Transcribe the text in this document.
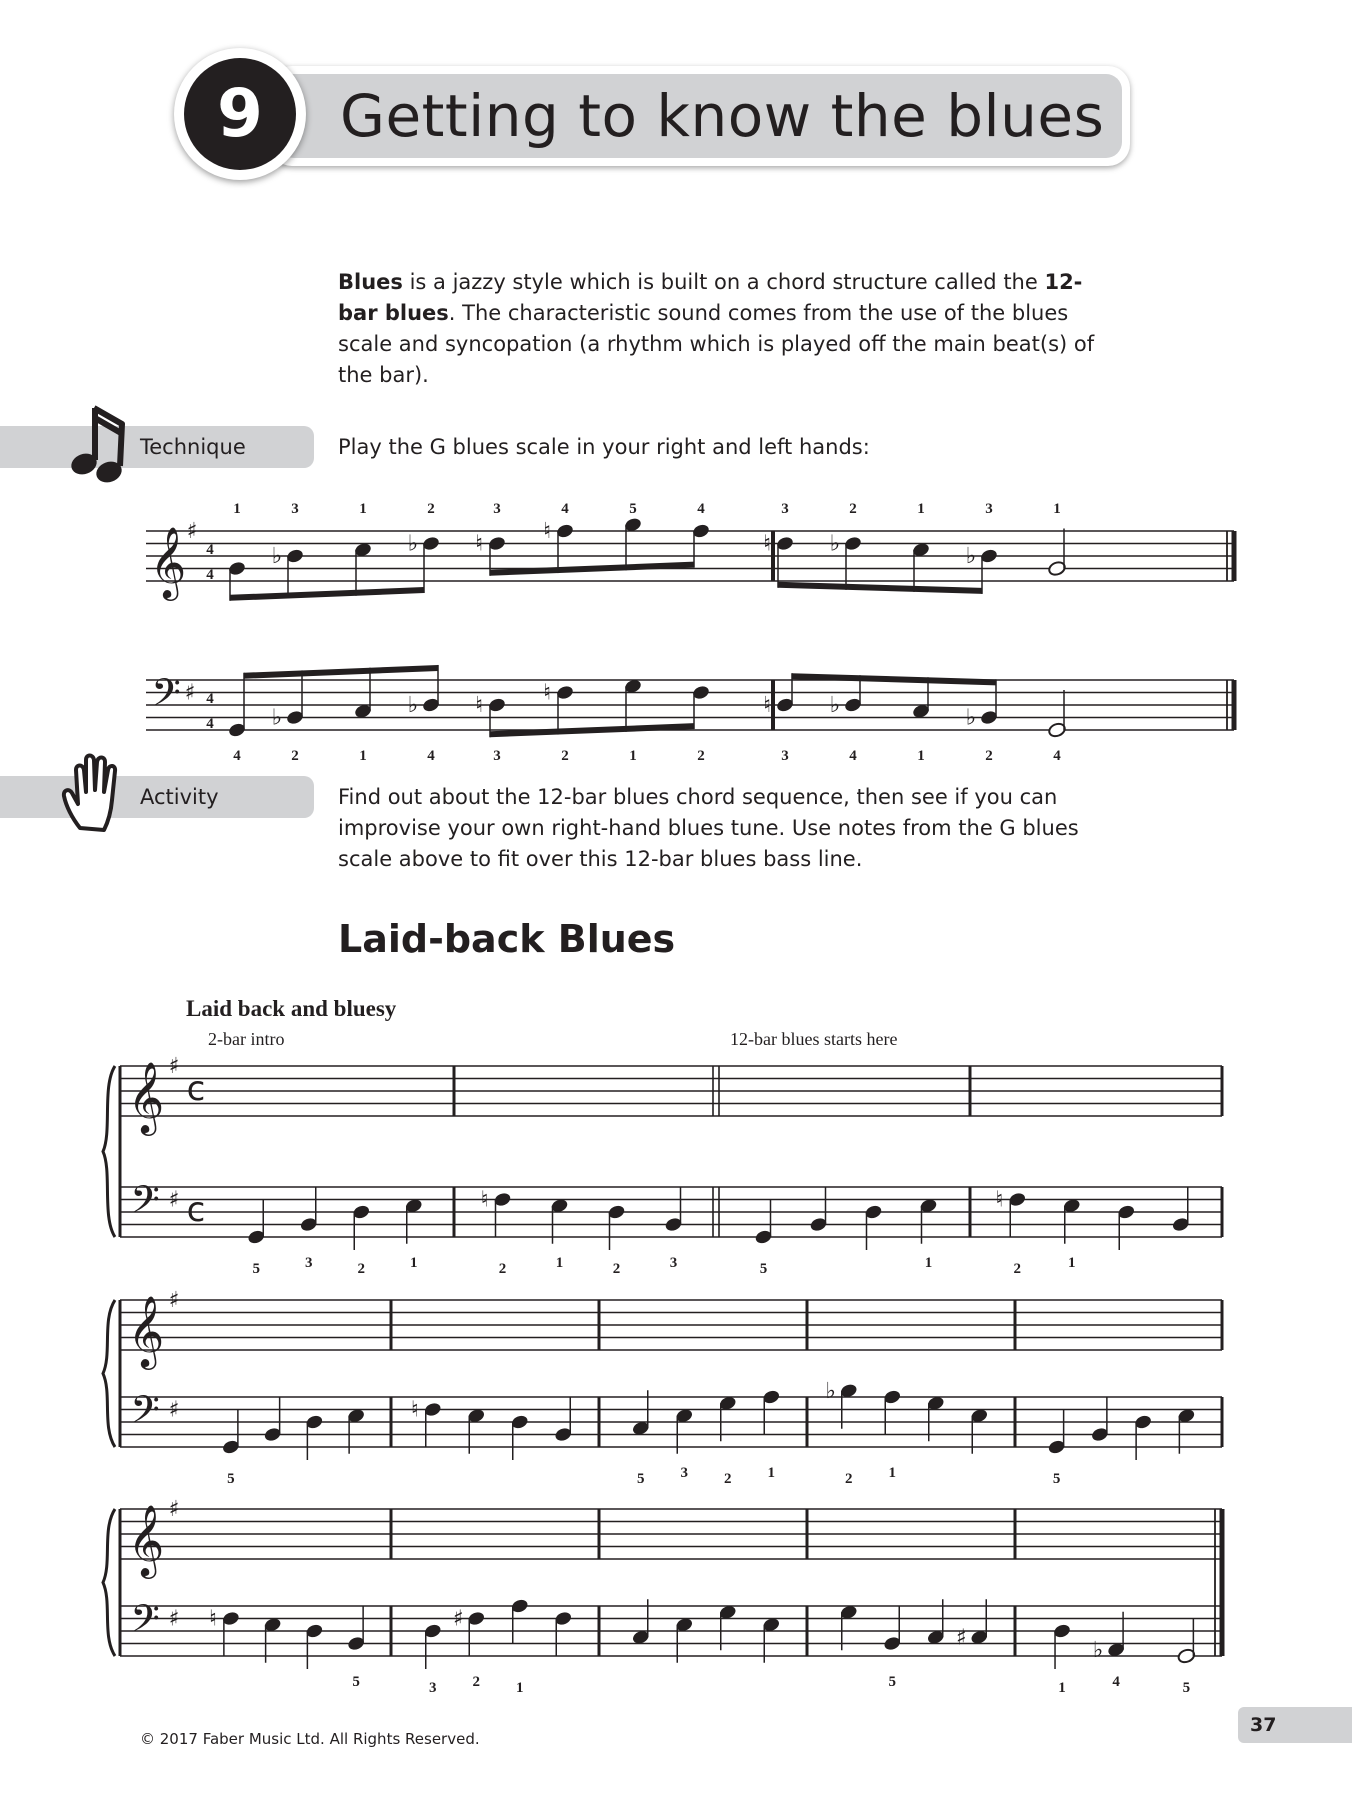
Getting to know the blues
9
Blues is a jazzy style which is built on a chord structure called the 12-bar blues. The characteristic sound comes from the use of the blues scale and syncopation (a rhythm which is played off the main beat(s) of the bar).
Technique	Play the G blues scale in your right and left hands:
Activity	Find out about the 12-bar blues chord sequence, then see if you can improvise your own right-hand blues tune. Use notes from the G blues scale above to fit over this 12-bar blues bass line.
Laid-back Blues
Laid back and bluesy
2-bar intro	12-bar blues starts here
𝄞 ♯
4
4
♭	♭	♮	♮
1	3	1	2	3	4	5	4
♮	♭	♭
3	2	1	3	1
𝄢 ♯ 4
4	♭	♭	♮	♮
4	2	1	4	3	2	1	2
♮	♭	♭
3	4	1	2	4
𝄞
𝄢
♯
♯
c
c
5	3	2	1
♮
2	1	2	3	5	1
♮
2	1
𝄞
𝄢
♯
♯
5
♮
5 3 2 1
♭
2 1	5
𝄞
𝄢
♯
♯ ♮
5	3
♯
2 1	5
♯
1
♭
4	5
© 2017 Faber Music Ltd. All Rights Reserved.
37
